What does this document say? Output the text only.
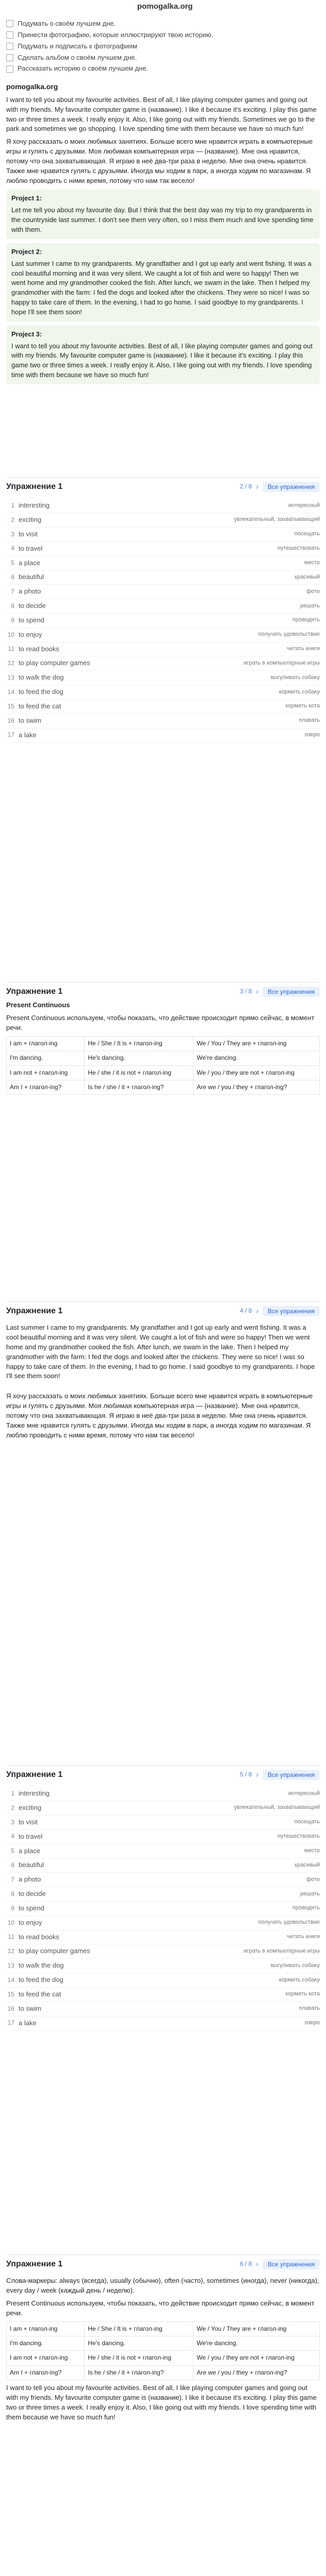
pomogalka.org
Подумать о своём лучшем дне.
Принести фотографию, которые иллюстрируют твою историю.
Подумать и подписать к фотографиям
Сделать альбом о своём лучшем дне.
Рассказать историю о своём лучшем дне.
pomogalka.org

I want to tell you about my favourite activities. Best of all, I like playing computer games and going out with my friends. My favourite computer game is (название). I like it because it's exciting. I play this game two or three times a week. I really enjoy it. Also, I like going out with my friends. Sometimes we go to the park and sometimes we go shopping. I love spending time with them because we have so much fun!

Я хочу рассказать о моих любимых занятиях. Больше всего мне нравится играть в компьютерные игры и гулять с друзьями. Моя любимая компьютерная игра — (название). Мне она нравится, потому что она захватывающая. Я играю в неё два-три раза в неделю. Мне она очень нравится. Также мне нравится гулять с друзьями. Иногда мы ходим в парк, а иногда ходим по магазинам. Я люблю проводить с ними время, потому что нам так весело!

Project 1:
Let me tell you about my favourite day. But I think that the best day was my trip to my grandparents in the countryside last summer. I don't see them very often, so I miss them much and love spending time with them.
Project 2:
Last summer I came to my grandparents. My grandfather and I got up early and went fishing. It was a cool beautiful morning and it was very silent. We caught a lot of fish and were so happy! Then we went home and my grandmother cooked the fish. After lunch, we swam in the lake. Then I helped my grandmother with the farm: I fed the dogs and looked after the chickens. They were so nice! I was so happy to take care of them. In the evening, I had to go home. I said goodbye to my grandparents. I hope I'll see them soon!
Project 3:
I want to tell you about my favourite activities. Best of all, I like playing computer games and going out with my friends. My favourite computer game is (название). I like it because it's exciting. I play this game two or three times a week. I really enjoy it. Also, I like going out with my friends. I love spending time with them because we have so much fun!
Упражнение 1	2 / 8 ›	Все упражнения
1 interesting	интересный
2 exciting	увлекательный, захватывающий
3 to visit	посещать
4 to travel	путешествовать
5 a place	место
6 beautiful	красивый
7 a photo	фото
8 to decide	решать
9 to spend	проводить
10 to enjoy	получать удовольствие
11 to read books	читать книги
12 to play computer games	играть в компьютерные игры
13 to walk the dog	выгуливать собаку
14 to feed the dog	кормить собаку
15 to feed the cat	кормить кота
16 to swim	плавать
17 a lake	озеро
Упражнение 1	3 / 8 ›	Все упражнения
Present Continuous

Present Continuous используем, чтобы показать, что действие происходит прямо сейчас, в момент речи.

I am + глагол-ing	He / She / It is + глагол-ing	We / You / They are + глагол-ing
I'm dancing.	He's dancing.	We're dancing.
I am not + глагол-ing	He / she / it is not + глагол-ing	We / you / they are not + глагол-ing
Am I + глагол-ing?	Is he / she / it + глагол-ing?	Are we / you / they + глагол-ing?
Упражнение 1	4 / 8 ›	Все упражнения

Last summer I came to my grandparents. My grandfather and I got up early and went fishing. It was a cool beautiful morning and it was very silent. We caught a lot of fish and were so happy! Then we went home and my grandmother cooked the fish. After lunch, we swam in the lake. Then I helped my grandmother with the farm: I fed the dogs and looked after the chickens. They were so nice! I was so happy to take care of them. In the evening, I had to go home. I said goodbye to my grandparents. I hope I'll see them soon!

Я хочу рассказать о моих любимых занятиях. Больше всего мне нравится играть в компьютерные игры и гулять с друзьями. Моя любимая компьютерная игра — (название). Мне она нравится, потому что она захватывающая. Я играю в неё два-три раза в неделю. Мне она очень нравится. Также мне нравится гулять с друзьями. Иногда мы ходим в парк, а иногда ходим по магазинам. Я люблю проводить с ними время, потому что нам так весело!

Упражнение 1	5 / 8 ›	Все упражнения
1 interesting	интересный
2 exciting	увлекательный, захватывающий
3 to visit	посещать
4 to travel	путешествовать
5 a place	место
6 beautiful	красивый
7 a photo	фото
8 to decide	решать
9 to spend	проводить
10 to enjoy	получать удовольствие
11 to read books	читать книги
12 to play computer games	играть в компьютерные игры
13 to walk the dog	выгуливать собаку
14 to feed the dog	кормить собаку
15 to feed the cat	кормить кота
16 to swim	плавать
17 a lake	озеро
Упражнение 1	6 / 8 ›	Все упражнения

Слова-маркеры: always (всегда), usually (обычно), often (часто), sometimes (иногда), never (никогда), every day / week (каждый день / неделю).

Present Continuous используем, чтобы показать, что действие происходит прямо сейчас, в момент речи.

I am + глагол-ing	He / She / It is + глагол-ing	We / You / They are + глагол-ing
I'm dancing.	He's dancing.	We're dancing.
I am not + глагол-ing	He / she / it is not + глагол-ing	We / you / they are not + глагол-ing
Am I + глагол-ing?	Is he / she / it + глагол-ing?	Are we / you / they + глагол-ing?

I want to tell you about my favourite activities. Best of all, I like playing computer games and going out with my friends. My favourite computer game is (название). I like it because it's exciting. I play this game two or three times a week. I really enjoy it. Also, I like going out with my friends. I love spending time with them because we have so much fun!
